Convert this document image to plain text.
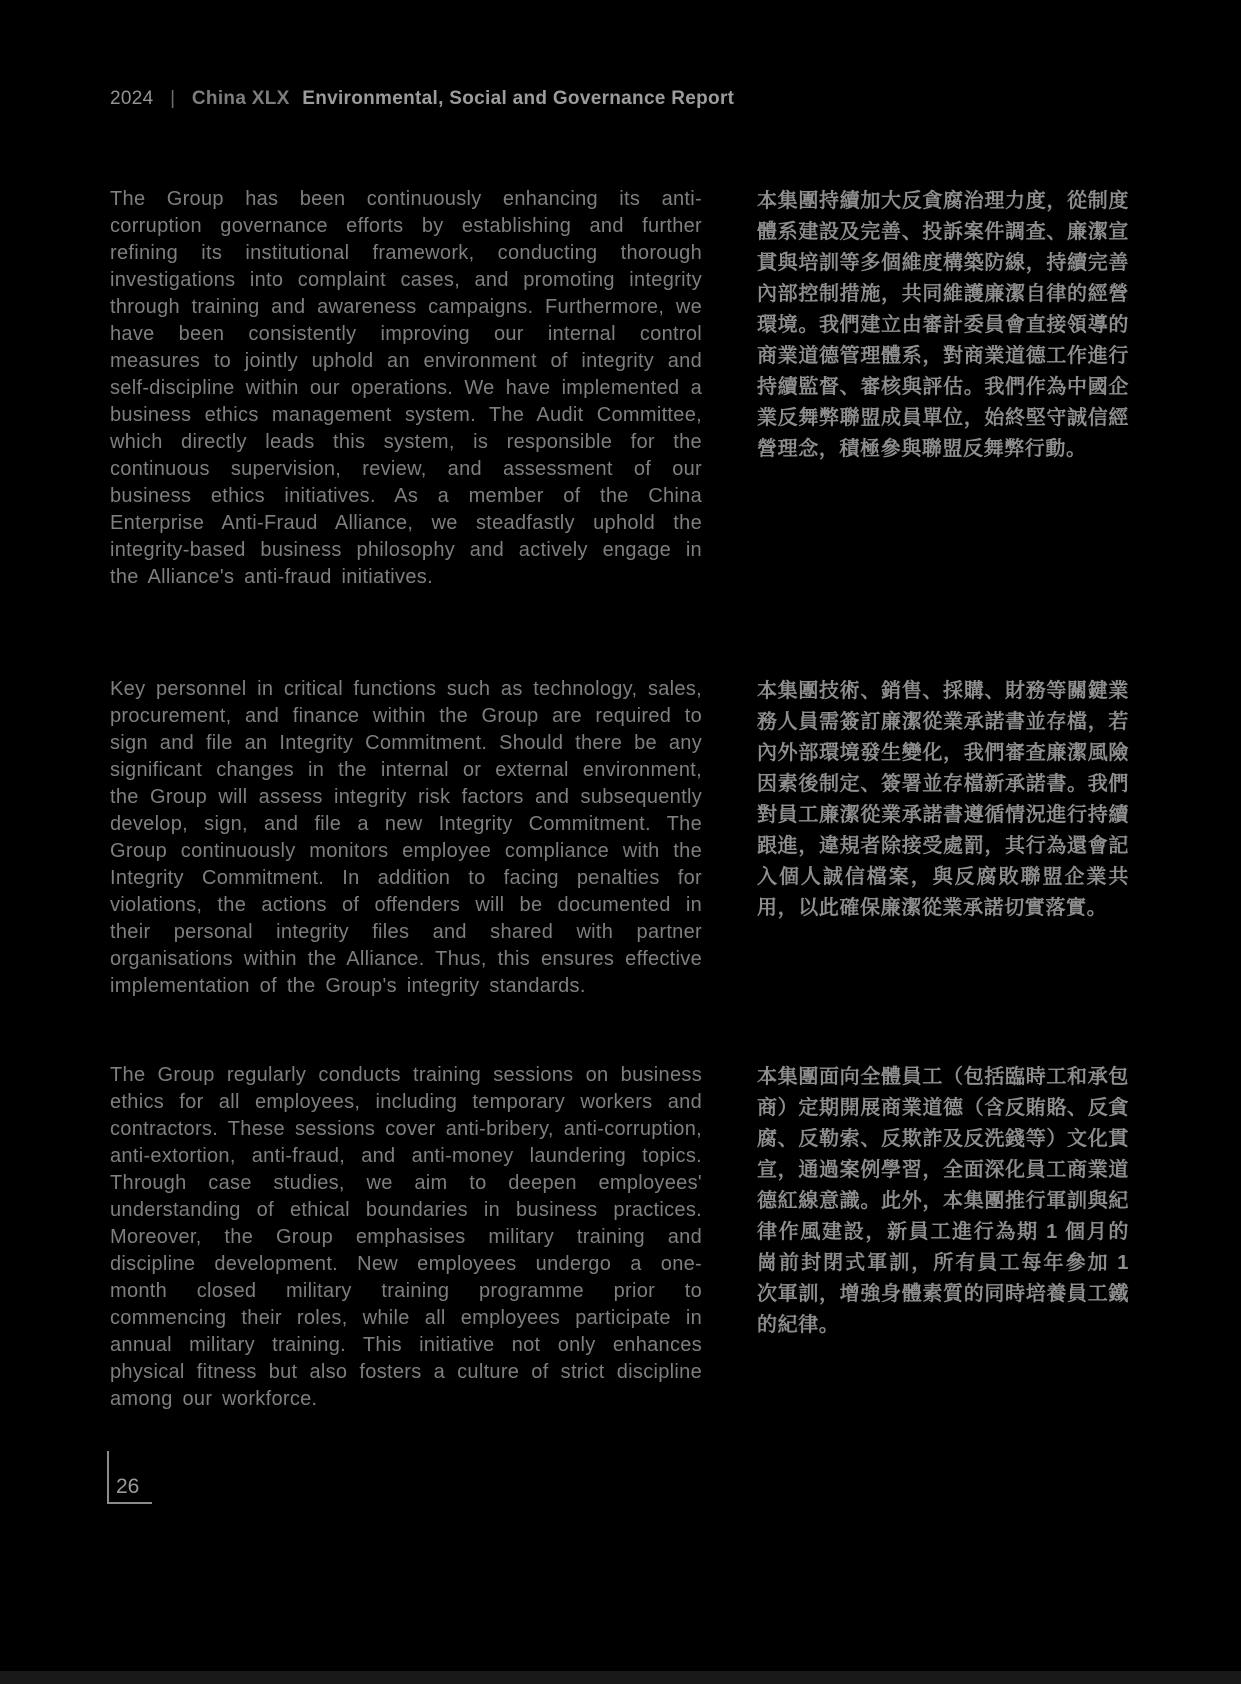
2024 | China XLX Environmental, Social and Governance Report
The Group has been continuously enhancing its anti-corruption governance efforts by establishing and further refining its institutional framework, conducting thorough investigations into complaint cases, and promoting integrity through training and awareness campaigns. Furthermore, we have been consistently improving our internal control measures to jointly uphold an environment of integrity and self-discipline within our operations. We have implemented a business ethics management system. The Audit Committee, which directly leads this system, is responsible for the continuous supervision, review, and assessment of our business ethics initiatives. As a member of the China Enterprise Anti-Fraud Alliance, we steadfastly uphold the integrity-based business philosophy and actively engage in the Alliance's anti-fraud initiatives.
本集團持續加大反貪腐治理力度，從制度體系建設及完善、投訴案件調查、廉潔宣貫與培訓等多個維度構築防線，持續完善內部控制措施，共同維護廉潔自律的經營環境。我們建立由審計委員會直接領導的商業道德管理體系，對商業道德工作進行持續監督、審核與評估。我們作為中國企業反舞弊聯盟成員單位，始終堅守誠信經營理念，積極參與聯盟反舞弊行動。
Key personnel in critical functions such as technology, sales, procurement, and finance within the Group are required to sign and file an Integrity Commitment. Should there be any significant changes in the internal or external environment, the Group will assess integrity risk factors and subsequently develop, sign, and file a new Integrity Commitment. The Group continuously monitors employee compliance with the Integrity Commitment. In addition to facing penalties for violations, the actions of offenders will be documented in their personal integrity files and shared with partner organisations within the Alliance. Thus, this ensures effective implementation of the Group's integrity standards.
本集團技術、銷售、採購、財務等關鍵業務人員需簽訂廉潔從業承諾書並存檔，若內外部環境發生變化，我們審查廉潔風險因素後制定、簽署並存檔新承諾書。我們對員工廉潔從業承諾書遵循情況進行持續跟進，違規者除接受處罰，其行為還會記入個人誠信檔案，與反腐敗聯盟企業共用，以此確保廉潔從業承諾切實落實。
The Group regularly conducts training sessions on business ethics for all employees, including temporary workers and contractors. These sessions cover anti-bribery, anti-corruption, anti-extortion, anti-fraud, and anti-money laundering topics. Through case studies, we aim to deepen employees' understanding of ethical boundaries in business practices. Moreover, the Group emphasises military training and discipline development. New employees undergo a one-month closed military training programme prior to commencing their roles, while all employees participate in annual military training. This initiative not only enhances physical fitness but also fosters a culture of strict discipline among our workforce.
本集團面向全體員工（包括臨時工和承包商）定期開展商業道德（含反賄賂、反貪腐、反勒索、反欺詐及反洗錢等）文化貫宣，通過案例學習，全面深化員工商業道德紅線意識。此外，本集團推行軍訓與紀律作風建設，新員工進行為期 1 個月的崗前封閉式軍訓，所有員工每年參加 1 次軍訓，增強身體素質的同時培養員工鐵的紀律。
26
